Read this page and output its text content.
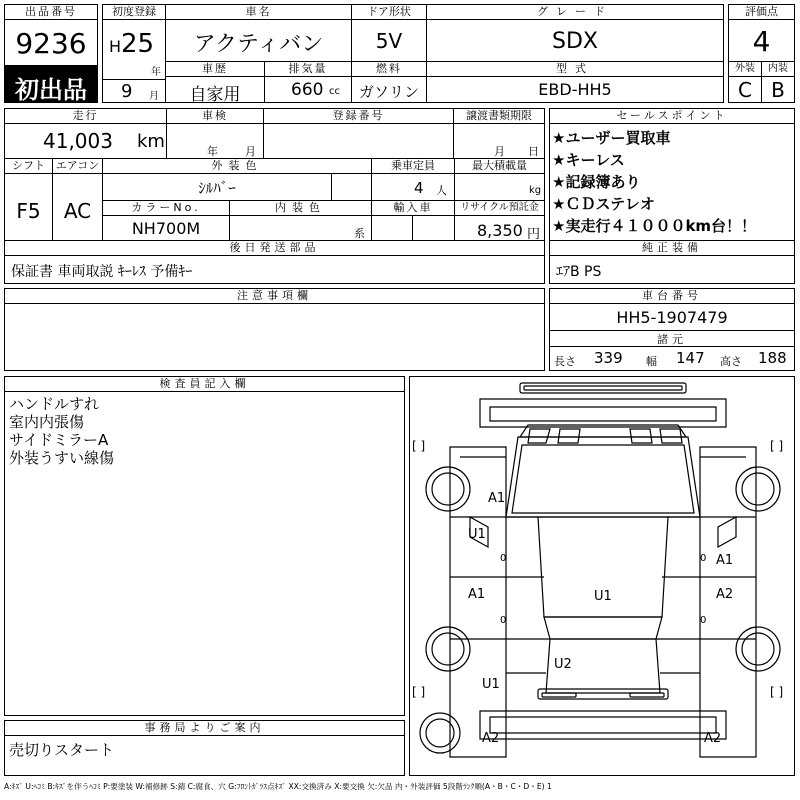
出品番号
9236
初出品
初度登録
H 25
年
9 月
車名
アクティバン
ドア形状
5V
グレード
SDX
評価点
4
車歴
自家用
排気量
660 cc
燃料
ガソリン
型式
EBD-HH5
外装
C
内装
B
走行
41,003 km
車検
年 月
登録番号	譲渡書類期限
月 日
シフト
F5
エアコン
AC
外装色
ｼﾙﾊﾞｰ
乗車定員
4 人
最大積載量
kg
カラーNo.
NH700M
内装色
系
輸入車	リサイクル預託金
8,350 円
セールスポイント
★ユーザー買取車
★キーレス
★記録簿あり
★ＣＤステレオ
★実走行４１０００km台！！
後日発送部品
保証書 車両取説 ｷｰﾚｽ 予備ｷｰ
純正装備
ｴｱB PS
注意事項欄	車台番号
HH5-1907479
諸元
長さ 339 幅 147 高さ 188
検査員記入欄
ハンドルすれ
室内内張傷
サイドミラーA
外装うすい線傷
事務局よりご案内
売切りスタート
[ ]	[ ]
[ ]	[ ]
A1
U1
A1
U1
A1	A2
U2
U1
A2	A2
0	0
0	0
A:ｷｽﾞ U:ﾍｺﾐ B:ｷｽﾞを伴うﾍｺﾐ P:要塗装 W:補修跡 S:錆 C:腐食、穴 G:ﾌﾛﾝﾄｶﾞﾗｽ点ｷｽﾞ XX:交換済み X:要交換 欠:欠品 内・外装評価 5段階ﾗﾝｸ順(A・B・C・D・E) 1
